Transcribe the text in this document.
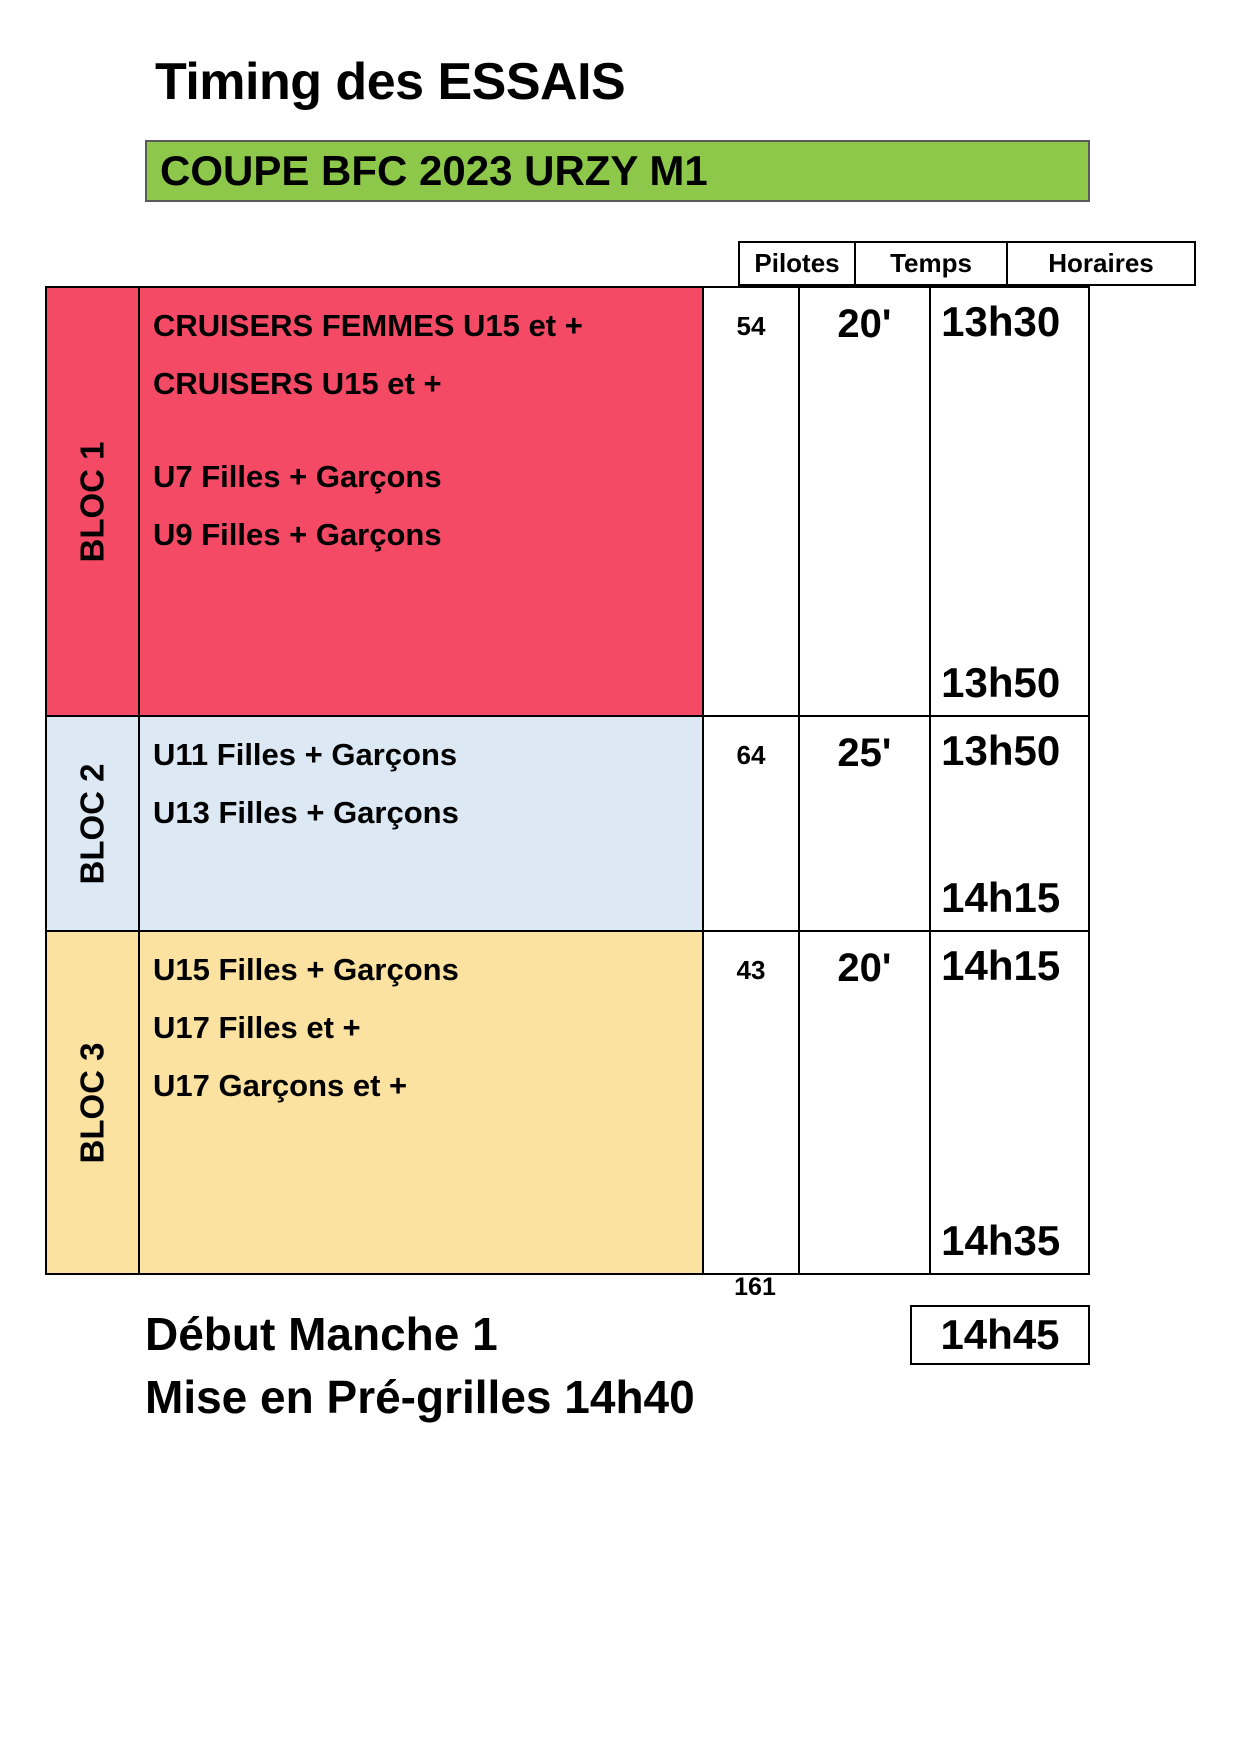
Timing des ESSAIS
COUPE BFC 2023 URZY M1
Pilotes	Temps	Horaires
BLOC 1
CRUISERS FEMMES U15 et +
CRUISERS U15 et +
U7 Filles + Garçons
U9 Filles + Garçons
54 20' 13h30
13h50
BLOC 2
U11 Filles + Garçons
U13 Filles + Garçons
64 25' 13h50
14h15
BLOC 3
U15 Filles + Garçons
U17 Filles et +
U17 Garçons et +
43 20' 14h15
14h35
161
Début Manche 1
Mise en Pré-grilles 14h40
14h45
